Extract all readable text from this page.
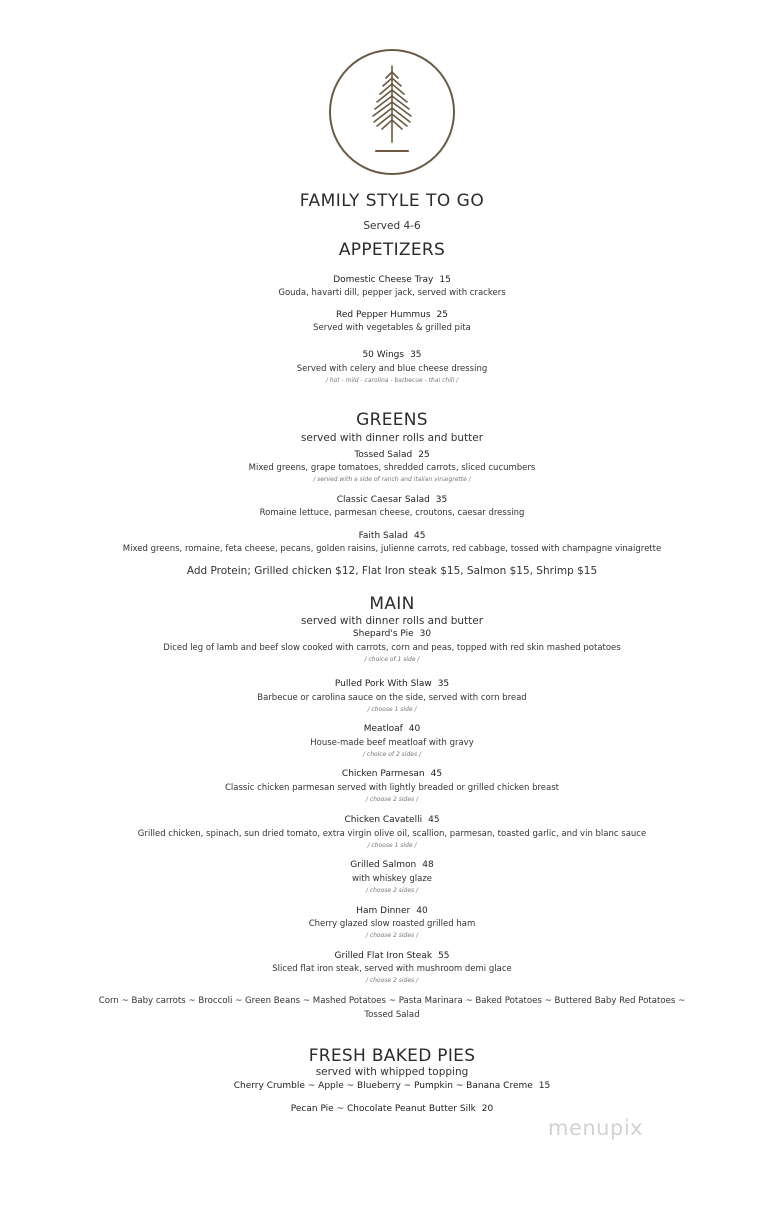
FAMILY STYLE TO GO
Served 4-6
APPETIZERS
Domestic Cheese Tray 15
Gouda, havarti dill, pepper jack, served with crackers
Red Pepper Hummus 25
Served with vegetables & grilled pita
50 Wings 35
Served with celery and blue cheese dressing
/ hot - mild - carolina - barbecue - thai chili /
GREENS
served with dinner rolls and butter
Tossed Salad 25
Mixed greens, grape tomatoes, shredded carrots, sliced cucumbers
/ served with a side of ranch and italian vinaigrette /
Classic Caesar Salad 35
Romaine lettuce, parmesan cheese, croutons, caesar dressing
Faith Salad 45
Mixed greens, romaine, feta cheese, pecans, golden raisins, julienne carrots, red cabbage, tossed with champagne vinaigrette
Add Protein; Grilled chicken $12, Flat Iron steak $15, Salmon $15, Shrimp $15
MAIN
served with dinner rolls and butter
Shepard's Pie 30
Diced leg of lamb and beef slow cooked with carrots, corn and peas, topped with red skin mashed potatoes
/ choice of 1 side /
Pulled Pork With Slaw 35
Barbecue or carolina sauce on the side, served with corn bread
/ choose 1 side /
Meatloaf 40
House-made beef meatloaf with gravy
/ choice of 2 sides /
Chicken Parmesan 45
Classic chicken parmesan served with lightly breaded or grilled chicken breast
/ choose 2 sides /
Chicken Cavatelli 45
Grilled chicken, spinach, sun dried tomato, extra virgin olive oil, scallion, parmesan, toasted garlic, and vin blanc sauce
/ choose 1 side /
Grilled Salmon 48
with whiskey glaze
/ choose 2 sides /
Ham Dinner 40
Cherry glazed slow roasted grilled ham
/ choose 2 sides /
Grilled Flat Iron Steak 55
Sliced flat iron steak, served with mushroom demi glace
/ choose 2 sides /
Corn ~ Baby carrots ~ Broccoli ~ Green Beans ~ Mashed Potatoes ~ Pasta Marinara ~ Baked Potatoes ~ Buttered Baby Red Potatoes ~
Tossed Salad
FRESH BAKED PIES
served with whipped topping
Cherry Crumble ~ Apple ~ Blueberry ~ Pumpkin ~ Banana Creme 15
Pecan Pie ~ Chocolate Peanut Butter Silk 20
menupix
